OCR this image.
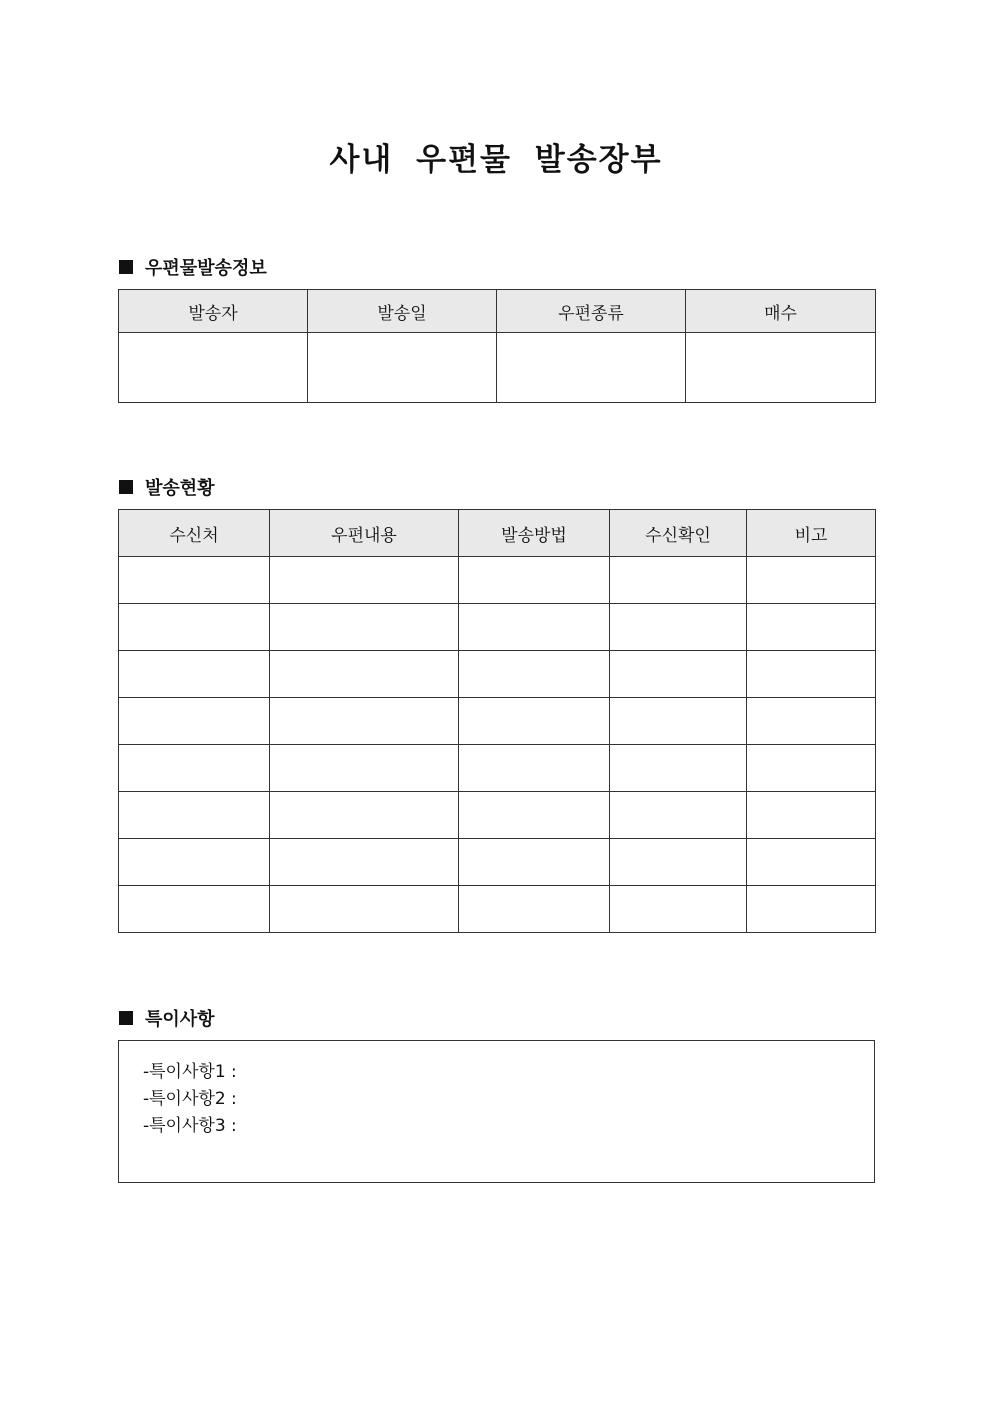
사내 우편물 발송장부
우편물발송정보
발송자	발송일	우편종류	매수

발송현황
수신처	우편내용	발송방법	수신확인	비고

특이사항
-특이사항1 :
-특이사항2 :
-특이사항3 :
